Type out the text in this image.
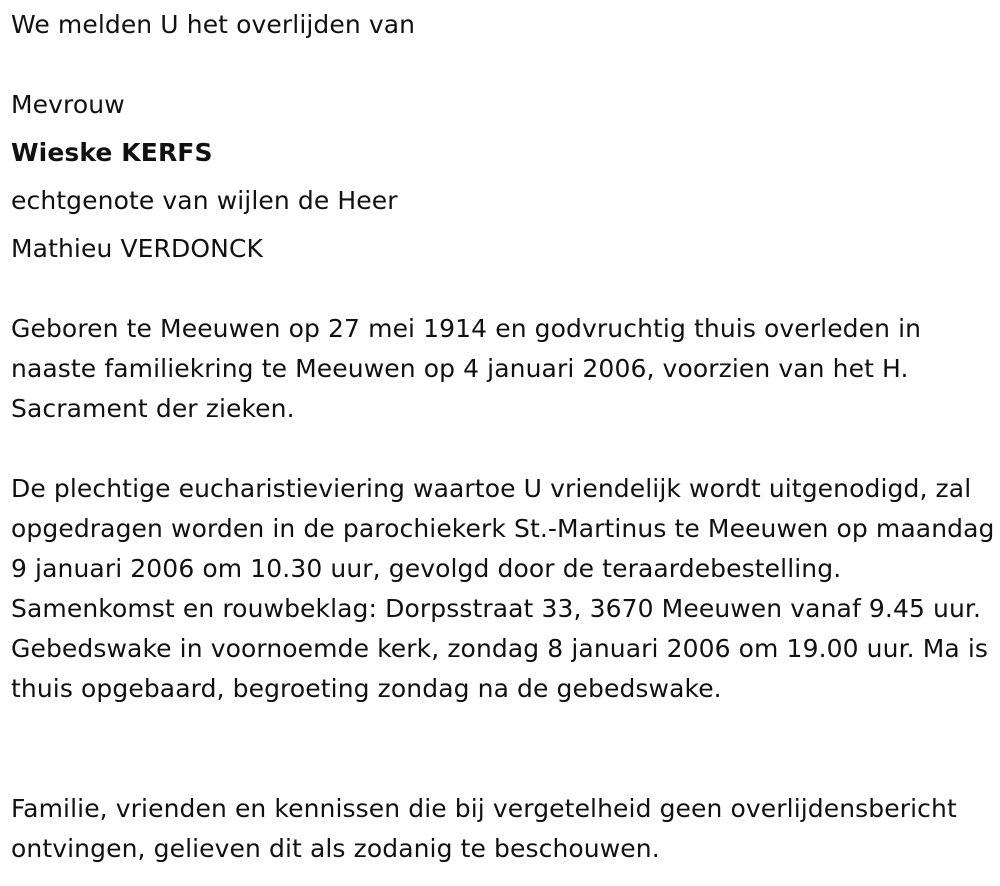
We melden U het overlijden van
Mevrouw
Wieske KERFS
echtgenote van wijlen de Heer
Mathieu VERDONCK

Geboren te Meeuwen op 27 mei 1914 en godvruchtig thuis overleden in naaste familiekring te Meeuwen op 4 januari 2006, voorzien van het H. Sacrament der zieken.

De plechtige eucharistieviering waartoe U vriendelijk wordt uitgenodigd, zal opgedragen worden in de parochiekerk St.-Martinus te Meeuwen op maandag 9 januari 2006 om 10.30 uur, gevolgd door de teraardebestelling. Samenkomst en rouwbeklag: Dorpsstraat 33, 3670 Meeuwen vanaf 9.45 uur. Gebedswake in voornoemde kerk, zondag 8 januari 2006 om 19.00 uur. Ma is thuis opgebaard, begroeting zondag na de gebedswake.

Familie, vrienden en kennissen die bij vergetelheid geen overlijdensbericht ontvingen, gelieven dit als zodanig te beschouwen.
